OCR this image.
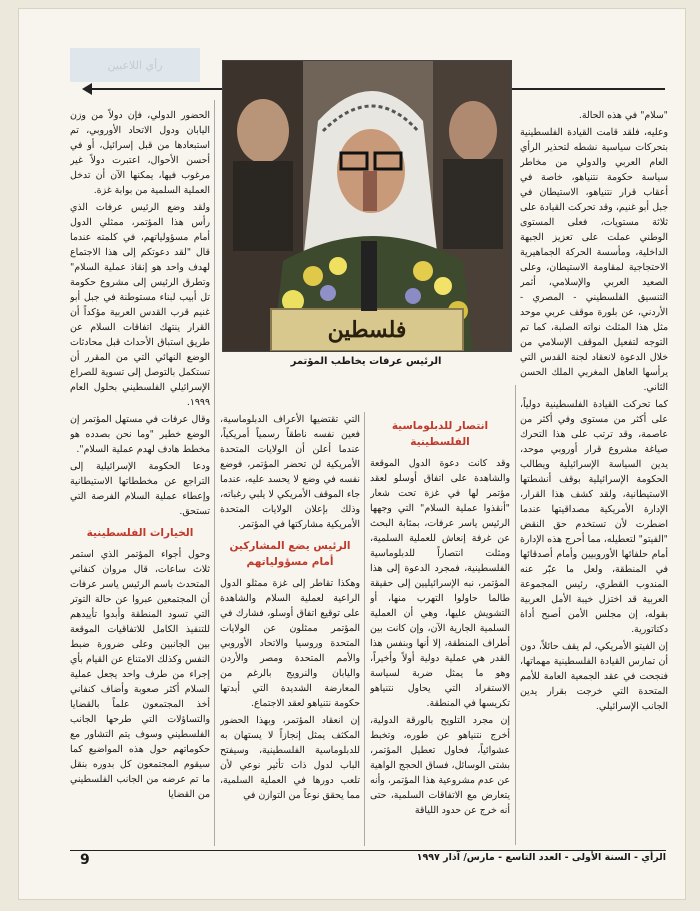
رأي اللاعبين
فلسطين
الرئيس عرفات يخاطب المؤتمر

"سلام" في هذه الحالة.

وعليه، فلقد قامت القيادة الفلسطينية بتحركات سياسية نشطه لتحذير الرأي العام العربي والدولي من مخاطر سياسة حكومة نتنياهو، خاصة في أعقاب قرار نتنياهو، الاستيطان في جبل أبو غنيم، وقد تحركت القيادة على ثلاثة مستويات، فعلى المستوى الوطني عملت على تعزيز الجبهة الداخلية، ومأسسة الحركة الجماهيرية الاحتجاجية لمقاومة الاستيطان، وعلى الصعيد العربي والإسلامي، أثمر التنسيق الفلسطيني - المصري - الأردني، عن بلورة موقف عربي موحد مثل هذا المثلث نواته الصلبة، كما تم التوجه لتفعيل الموقف الإسلامي من خلال الدعوة لانعقاد لجنة القدس التي يرأسها العاهل المغربي الملك الحسن الثاني.

كما تحركت القيادة الفلسطينية دولياً، على أكثر من مستوى وفي أكثر من عاصمة، وقد ترتب على هذا التحرك صياغة مشروع قرار أوروبي موحد، يدين السياسة الإسرائيلية ويطالب الحكومة الإسرائيلية بوقف أنشطتها الاستيطانية، ولقد كشف هذا القرار، الإدارة الأمريكية مصداقيتها عندما اضطرت لأن تستخدم حق النقض "الفيتو" لتعطيله، مما أحرج هذه الإدارة أمام حلفائها الأوروبيين وأمام أصدقائها في المنطقة، ولعل ما عبّر عنه المندوب القطري، رئيس المجموعة العربية قد اختزل خيبة الأمل العربية بقوله، إن مجلس الأمن أصبح أداة دكتاتورية.

إن الفيتو الأمريكي، لم يقف حائلاً، دون أن تمارس القيادة الفلسطينية مهماتها، فنجحت في عقد الجمعية العامة للأمم المتحدة التي خرجت بقرار يدين الجانب الإسرائيلي.

انتصار للدبلوماسية الفلسطينية

وقد كانت دعوة الدول الموقعة والشاهدة على اتفاق أوسلو لعقد مؤتمر لها في غزة تحت شعار "أنقذوا عملية السلام" التي وجهها الرئيس ياسر عرفات، بمثابة البحث عن غرفة إنعاش للعملية السلمية، ومثلت انتصاراً للدبلوماسية الفلسطينية، فمجرد الدعوة إلى هذا المؤتمر، نبه الإسرائيليين إلى حقيقة طالما حاولوا التهرب منها، أو التشويش عليها، وهي أن العملية السلمية الجارية الآن، وإن كانت بين أطراف المنطقة، إلا أنها وبنفس هذا القدر هي عملية دولية أولاً وأخيراً، وهو ما يمثل ضربة لسياسة الاستفراد التي يحاول نتنياهو تكريسها في المنطقة.

إن مجرد التلويح بالورقة الدولية، أخرج نتنياهو عن طوره، وتخبط عشوائياً، فحاول تعطيل المؤتمر، بشتى الوسائل، فساق الحجج الواهية عن عدم مشروعية هذا المؤتمر، وأنه يتعارض مع الاتفاقات السلمية، حتى أنه خرج عن حدود اللياقة

التي تقتضيها الأعراف الدبلوماسية، فعين نفسه ناطقاً رسمياً أمريكياً، عندما أعلن أن الولايات المتحدة الأمريكية لن تحضر المؤتمر، فوضع نفسه في وضع لا يحسد عليه، عندما جاء الموقف الأمريكي لا يلبي رغباته، وذلك بإعلان الولايات المتحدة الأمريكية مشاركتها في المؤتمر.

الرئيس يضع المشاركين أمام مسؤولياتهم

وهكذا تقاطر إلى غزة ممثلو الدول الراعية لعملية السلام والشاهدة على توقيع اتفاق أوسلو، فشارك في المؤتمر ممثلون عن الولايات المتحدة وروسيا والاتحاد الأوروبي والأمم المتحدة ومصر والأردن واليابان والنرويج بالرغم من المعارضة الشديدة التي أبدتها حكومة نتنياهو لعقد الاجتماع.

إن انعقاد المؤتمر، وبهذا الحضور المكثف يمثل إنجازاً لا يستهان به للدبلوماسية الفلسطينية، وسيفتح الباب لدول ذات تأثير نوعي لأن تلعب دورها في العملية السلمية، مما يحقق نوعاً من التوازن في

الحضور الدولي، فإن دولاً من وزن اليابان ودول الاتحاد الأوروبي، تم استبعادها من قبل إسرائيل، أو في أحسن الأحوال، اعتبرت دولاً غير مرغوب فيها، يمكنها الآن أن تدخل العملية السلمية من بوابة غزة.

ولقد وضع الرئيس عرفات الذي رأس هذا المؤتمر، ممثلي الدول أمام مسؤولياتهم، في كلمته عندما قال "لقد دعوتكم إلى هذا الاجتماع لهدف واحد هو إنقاذ عملية السلام" وتطرق الرئيس إلى مشروع حكومة تل أبيب لبناء مستوطنة في جبل أبو غنيم قرب القدس العربية مؤكداً أن القرار ينتهك اتفاقات السلام عن طريق استباق الأحداث قبل محادثات الوضع النهائي التي من المقرر أن تستكمل بالتوصل إلى تسوية للصراع الإسرائيلي الفلسطيني بحلول العام ١٩٩٩.

وقال عرفات في مستهل المؤتمر إن الوضع خطير "وما نحن بصدده هو مخطط هادف لهدم عملية السلام".

ودعا الحكومة الإسرائيلية إلى التراجع عن مخططاتها الاستيطانية وإعطاء عملية السلام الفرصة التي تستحق.

الخيارات الفلسطينية

وحول أجواء المؤتمر الذي استمر ثلاث ساعات، قال مروان كنفاني المتحدث باسم الرئيس ياسر عرفات أن المجتمعين عبروا عن حالة التوتر التي تسود المنطقة وأبدوا تأييدهم للتنفيذ الكامل للاتفاقيات الموقعة بين الجانبين وعلى ضرورة ضبط النفس وكذلك الامتناع عن القيام بأي إجراء من طرف واحد يجعل عملية السلام أكثر صعوبة وأضاف كنفاني أخذ المجتمعون علماً بالقضايا والتساؤلات التي طرحها الجانب الفلسطيني وسوف يتم التشاور مع حكوماتهم حول هذه المواضيع كما سيقوم المجتمعون كل بدوره بنقل ما تم عرضه من الجانب الفلسطيني من القضايا

الرأي - السنة الأولى - العدد التاسع - مارس/ آذار ١٩٩٧
9
